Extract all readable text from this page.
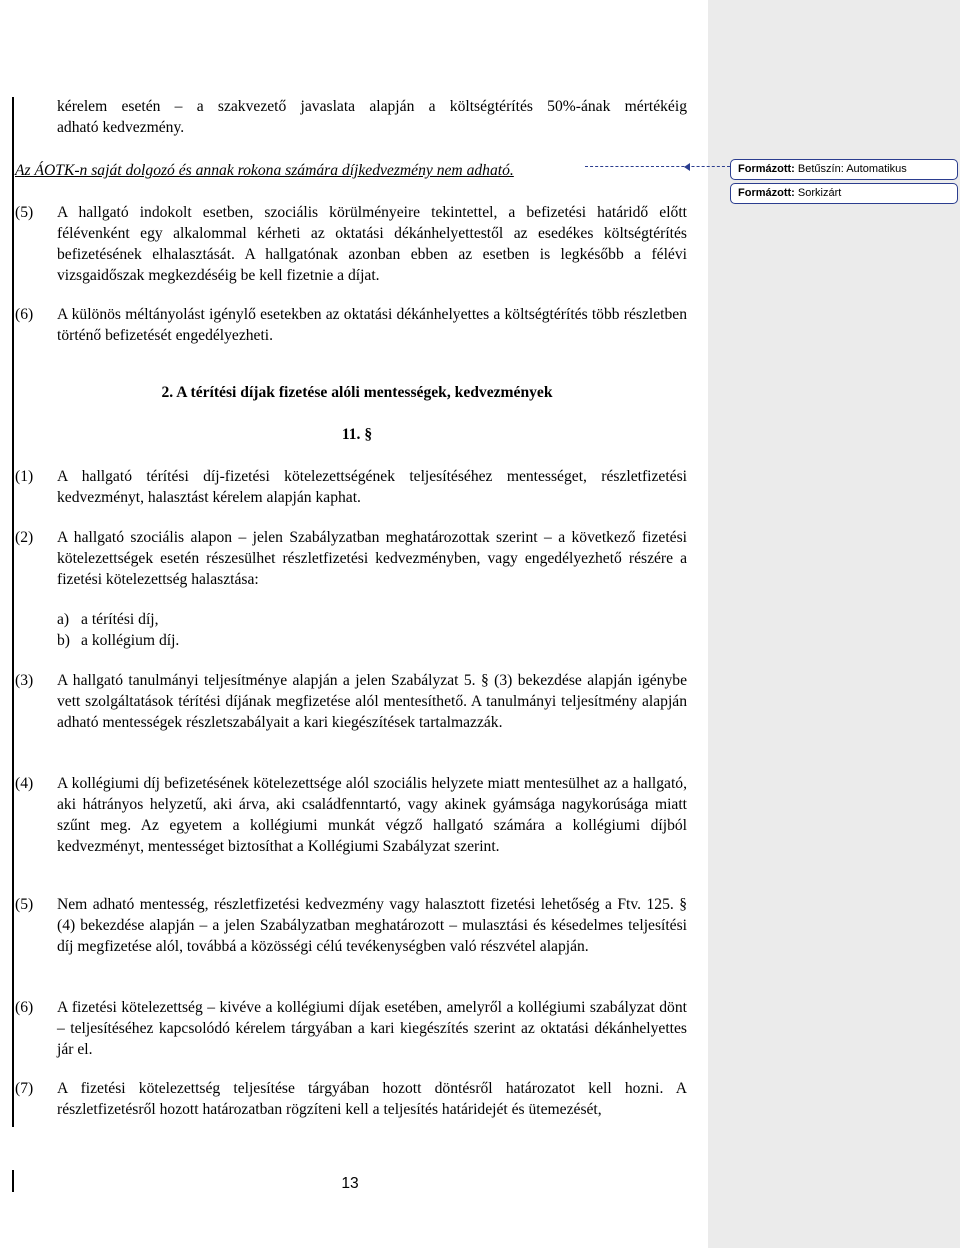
Formázott: Betűszín: Automatikus
Formázott: Sorkizárt

kérelem esetén – a szakvezető javaslata alapján a költségtérítés 50%-ának mértékéig

adható kedvezmény.

Az ÁOTK-n saját dolgozó és annak rokona számára díjkedvezmény nem adható.
(5) A hallgató indokolt esetben, szociális körülményeire tekintettel, a befizetési határidő előtt félévenként egy alkalommal kérheti az oktatási dékánhelyettestől az esedékes költségtérítés befizetésének elhalasztását. A hallgatónak azonban ebben az esetben is legkésőbb a félévi vizsgaidőszak megkezdéséig be kell fizetnie a díjat.
(6) A különös méltányolást igénylő esetekben az oktatási dékánhelyettes a költségtérítés több részletben történő befizetését engedélyezheti.
2. A térítési díjak fizetése alóli mentességek, kedvezmények
11. §
(1) A hallgató térítési díj-fizetési kötelezettségének teljesítéséhez mentességet, részletfizetési kedvezményt, halasztást kérelem alapján kaphat.
(2) A hallgató szociális alapon – jelen Szabályzatban meghatározottak szerint – a következő fizetési kötelezettségek esetén részesülhet részletfizetési kedvezményben, vagy engedélyezhető részére a fizetési kötelezettség halasztása:
a) a térítési díj,
b) a kollégium díj.
(3) A hallgató tanulmányi teljesítménye alapján a jelen Szabályzat 5. § (3) bekezdése alapján igénybe vett szolgáltatások térítési díjának megfizetése alól mentesíthető. A tanulmányi teljesítmény alapján adható mentességek részletszabályait a kari kiegészítések tartalmazzák.
(4) A kollégiumi díj befizetésének kötelezettsége alól szociális helyzete miatt mentesülhet az a hallgató, aki hátrányos helyzetű, aki árva, aki családfenntartó, vagy akinek gyámsága nagykorúsága miatt szűnt meg. Az egyetem a kollégiumi munkát végző hallgató számára a kollégiumi díjból kedvezményt, mentességet biztosíthat a Kollégiumi Szabályzat szerint.
(5) Nem adható mentesség, részletfizetési kedvezmény vagy halasztott fizetési lehetőség a Ftv. 125. § (4) bekezdése alapján – a jelen Szabályzatban meghatározott – mulasztási és késedelmes teljesítési díj megfizetése alól, továbbá a közösségi célú tevékenységben való részvétel alapján.
(6) A fizetési kötelezettség – kivéve a kollégiumi díjak esetében, amelyről a kollégiumi szabályzat dönt – teljesítéséhez kapcsolódó kérelem tárgyában a kari kiegészítés szerint az oktatási dékánhelyettes jár el.
(7) A fizetési kötelezettség teljesítése tárgyában hozott döntésről határozatot kell hozni. A részletfizetésről hozott határozatban rögzíteni kell a teljesítés határidejét és ütemezését,
13
